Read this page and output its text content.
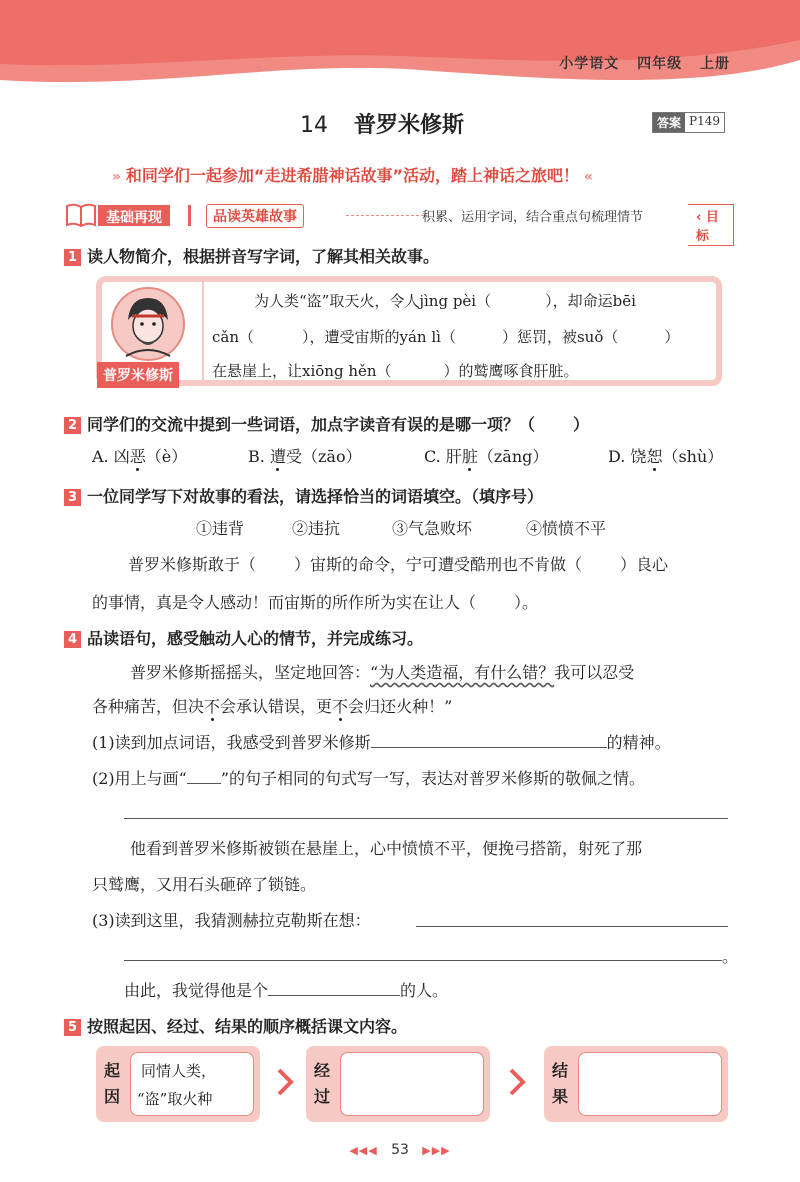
小学语文 四年级 上册
14 普罗米修斯	答案 P149
» 和同学们一起参加“走进希腊神话故事”活动，踏上神话之旅吧！ «
基础再现	品读英雄故事	积累、运用字词，结合重点句梳理情节	‹ 目标
1 读人物简介，根据拼音写字词，了解其相关故事。
普罗米修斯
为人类“盗”取天火，令人jìng pèi（	），却命运bēi
cǎn（	），遭受宙斯的yán lì（	）惩罚，被suǒ（	）
在悬崖上，让xiōng hěn（	）的鹫鹰啄食肝脏。
2 同学们的交流中提到一些词语，加点字读音有误的是哪一项？（ ）
A. 凶恶（è）	B. 遭受（zāo）	C. 肝脏（zāng）	D. 饶恕（shù）
3 一位同学写下对故事的看法，请选择恰当的词语填空。（填序号）
①违背	②违抗	③气急败坏	④愤愤不平
普罗米修斯敢于（ ）宙斯的命令，宁可遭受酷刑也不肯做（ ）良心
的事情，真是令人感动！而宙斯的所作所为实在让人（ ）。
4 品读语句，感受触动人心的情节，并完成练习。
普罗米修斯摇摇头，坚定地回答：“为人类造福，有什么错？我可以忍受
各种痛苦，但决不会承认错误，更不会归还火种！”
(1)读到加点词语，我感受到普罗米修斯	的精神。
(2)用上与画“ ”的句子相同的句式写一写，表达对普罗米修斯的敬佩之情。
他看到普罗米修斯被锁在悬崖上，心中愤愤不平，便挽弓搭箭，射死了那
只鹫鹰，又用石头砸碎了锁链。
(3)读到这里，我猜测赫拉克勒斯在想：
。
由此，我觉得他是个	的人。
5 按照起因、经过、结果的顺序概括课文内容。
起因
同情人类，
“盗”取火种
经过
结果
◀◀◀ 53 ▶▶▶
